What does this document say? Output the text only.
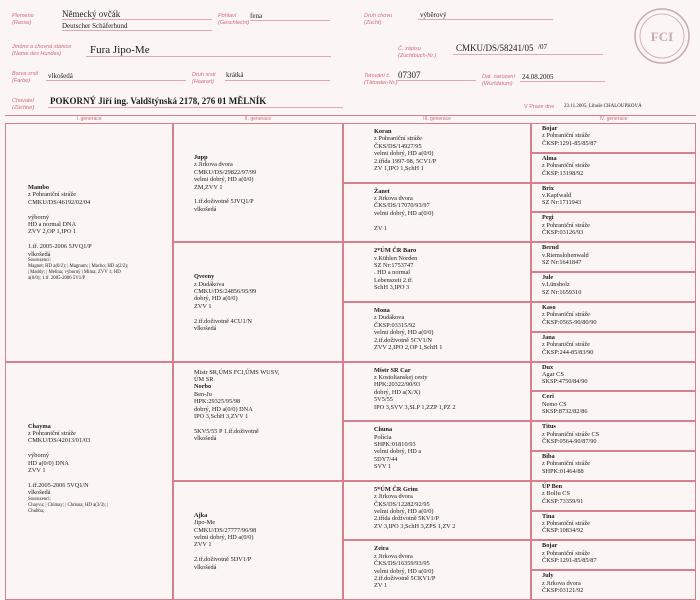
Plemeno
(Rasse)
Německý ovčák
Deutscher Schäferhund
Pohlaví
(Geschlecht)
fena
Jméno a chovná stanice
(Name des Hundes)	Fura Jipo-Me
Barva srsti
(Farbe)
vlkošedá	Druh srsti
(Haarart)
krátká
Chovatel
(Züchter)
POKORNÝ Jiří ing. Valdštýnská 2178, 276 01 MĚLNÍK
Druh chovu
(Zucht)
výběrový
Č. zápisu
(Zuchtbuch-Nr.)
CMKU/DS/58241/05 /07
Tetování č.
(Tätowier-Nr.)
07307	Dat. narození
(Wurfdatum)
24.08.2005
V Praze dne 23.11.2005, Libuše CHALOUPKOVÁ
FCI
I. generace	II. generace	III. generace	IV. generace
Mambo
z Pohraniční stráže
CMKU/DS/46192/02/04

výborný
HD a normal DNA
ZVV 2,OP 1,IPO 1

1.tř. 2005-2006 5JVQ1/P
vlkošedá
Sourozenci:
Magnet; HD a(0/2); | Magnum; | Macho; HD a(2/2);
| Maddy; | Melina; výborný | Mima; ZVV 1; HD
a(0/0); 1.tř. 2005-2006 5V1/P
Chayma
z Pohraniční stráže
CMKU/DS/42013/01/03

výborný
HD a(0/0) DNA
ZVV 1

1.tř.2005-2006 5VQ1/N
vlkošedá
Sourozenci:
Chayvu; | Chimay; | Chrisna; HD a(3/3); |
Chubba;
Jupp
z Jirkova dvora
CMKU/DS/29822/97/99
velmi dobrý, HD a(0/0)
ZM,ZVV 1

1.tř.doživotně 5JVQ1/P
vlkošedá
Qveeny
z Dudákova
CMKU/DS/24856/95/99
dobrý, HD a(0/0)
ZVV 1

2.tř.doživotně 4CU1/N
vlkošedá
Mistr SR,ÚMS FCI,ÚMS WUSV,
ÚM SR
Norbo
Ben-Ju
HPK:29325/95/98
dobrý, HD a(0/0) DNA
IPO 3,SchH 3,ZVV 1

5KV5/55 P 1.tř.doživotně
vlkošedá
Ajka
Jipo-Me
CMKU/DS/27777/96/98
velmi dobrý, HD a(0/0)
ZVV 1

2.tř.doživotně 5DV1/P
vlkošedá
Koran
z Pohraniční stráže
ČKS/DS/14927/95
velmi dobrý, HD a(0/0)
2.třída 1997-98, 5CV1/P
ZV 1,IPO 1,SchH 1
Žanet
z Jirkova dvora
ČKS/DS/17070/93/97
velmi dobrý, HD a(0/0)

ZV 1
2*ÚM ČR Baro
v.Kühlen Norden
SZ Nr:1753747
. HD a normal
Lebenszeit 2.tř.
SchH 3,IPO 3
Mona
z Dudákova
ČKSP:03315/92
velmi dobrý, HD a(0/0)
2.tř.doživotně 5CV1/N
ZVV 2,IPO 2,OP 1,SchH 1
Mistr SR Car
z Kostolianskej cesty
HPK:20322/90/93
dobrý, HD a(X/X)
5V5/55
IPO 3,SVV 3,SLP 1,ZZP 1,PZ 2
Chuna
Polícia
SHPK:01810/93
velmi dobrý, HD a
5DY7/44
SVV 1
5*ÚM ČR Grim
z Jirkova dvora
ČKS/DS/12282/92/95
velmi dobrý, HD a(0/0)
2.třída doživotně 5KV1/P
ZV 3,IPO 3,SchH 3,ZPS 1,ZV 2
Zeira
z Jirkova dvora
ČKS/DS/16359/93/95
velmi dobrý, HD a(0/0)
2.tř.doživotně 5CKV1/P
ZV 1
Bojar
z Pohraniční stráže
ČKSP:1291-85/85/87
Alma
z Pohraniční stráže
ČKSP:13198/92
Brix
v.Kapfwald
SZ Nr:1711943
Pegi
z Pohraniční stráže
ČKSP:03126/93
Bernd
v.Riemslohenwald
SZ Nr:1641847
Jule
v.Lünsholz
SZ Nr:1659310
Kaso
z Pohraniční stráže
ČKSP:0565-90/80/90
Jana
z Pohraniční stráže
ČKSP:244-85/83/90
Dux
Agar CS
SKSP:4750/84/90
Ceri
Nemo CS
SKSP:8732/82/86
Titus
z Pohraniční stráže CS
ČKSP:0564-90/87/90
Biba
z Pohraniční stráže
SHPK:01464/88
ÚP Ben
z Bolfu CS
ČKSP:73359/91
Tina
z Pohraniční stráže
ČKSP:10834/92
Bojar
z Pohraniční stráže
ČKSP:1291-85/85/87
July
z Jirkova dvora
ČKSP:03121/92
